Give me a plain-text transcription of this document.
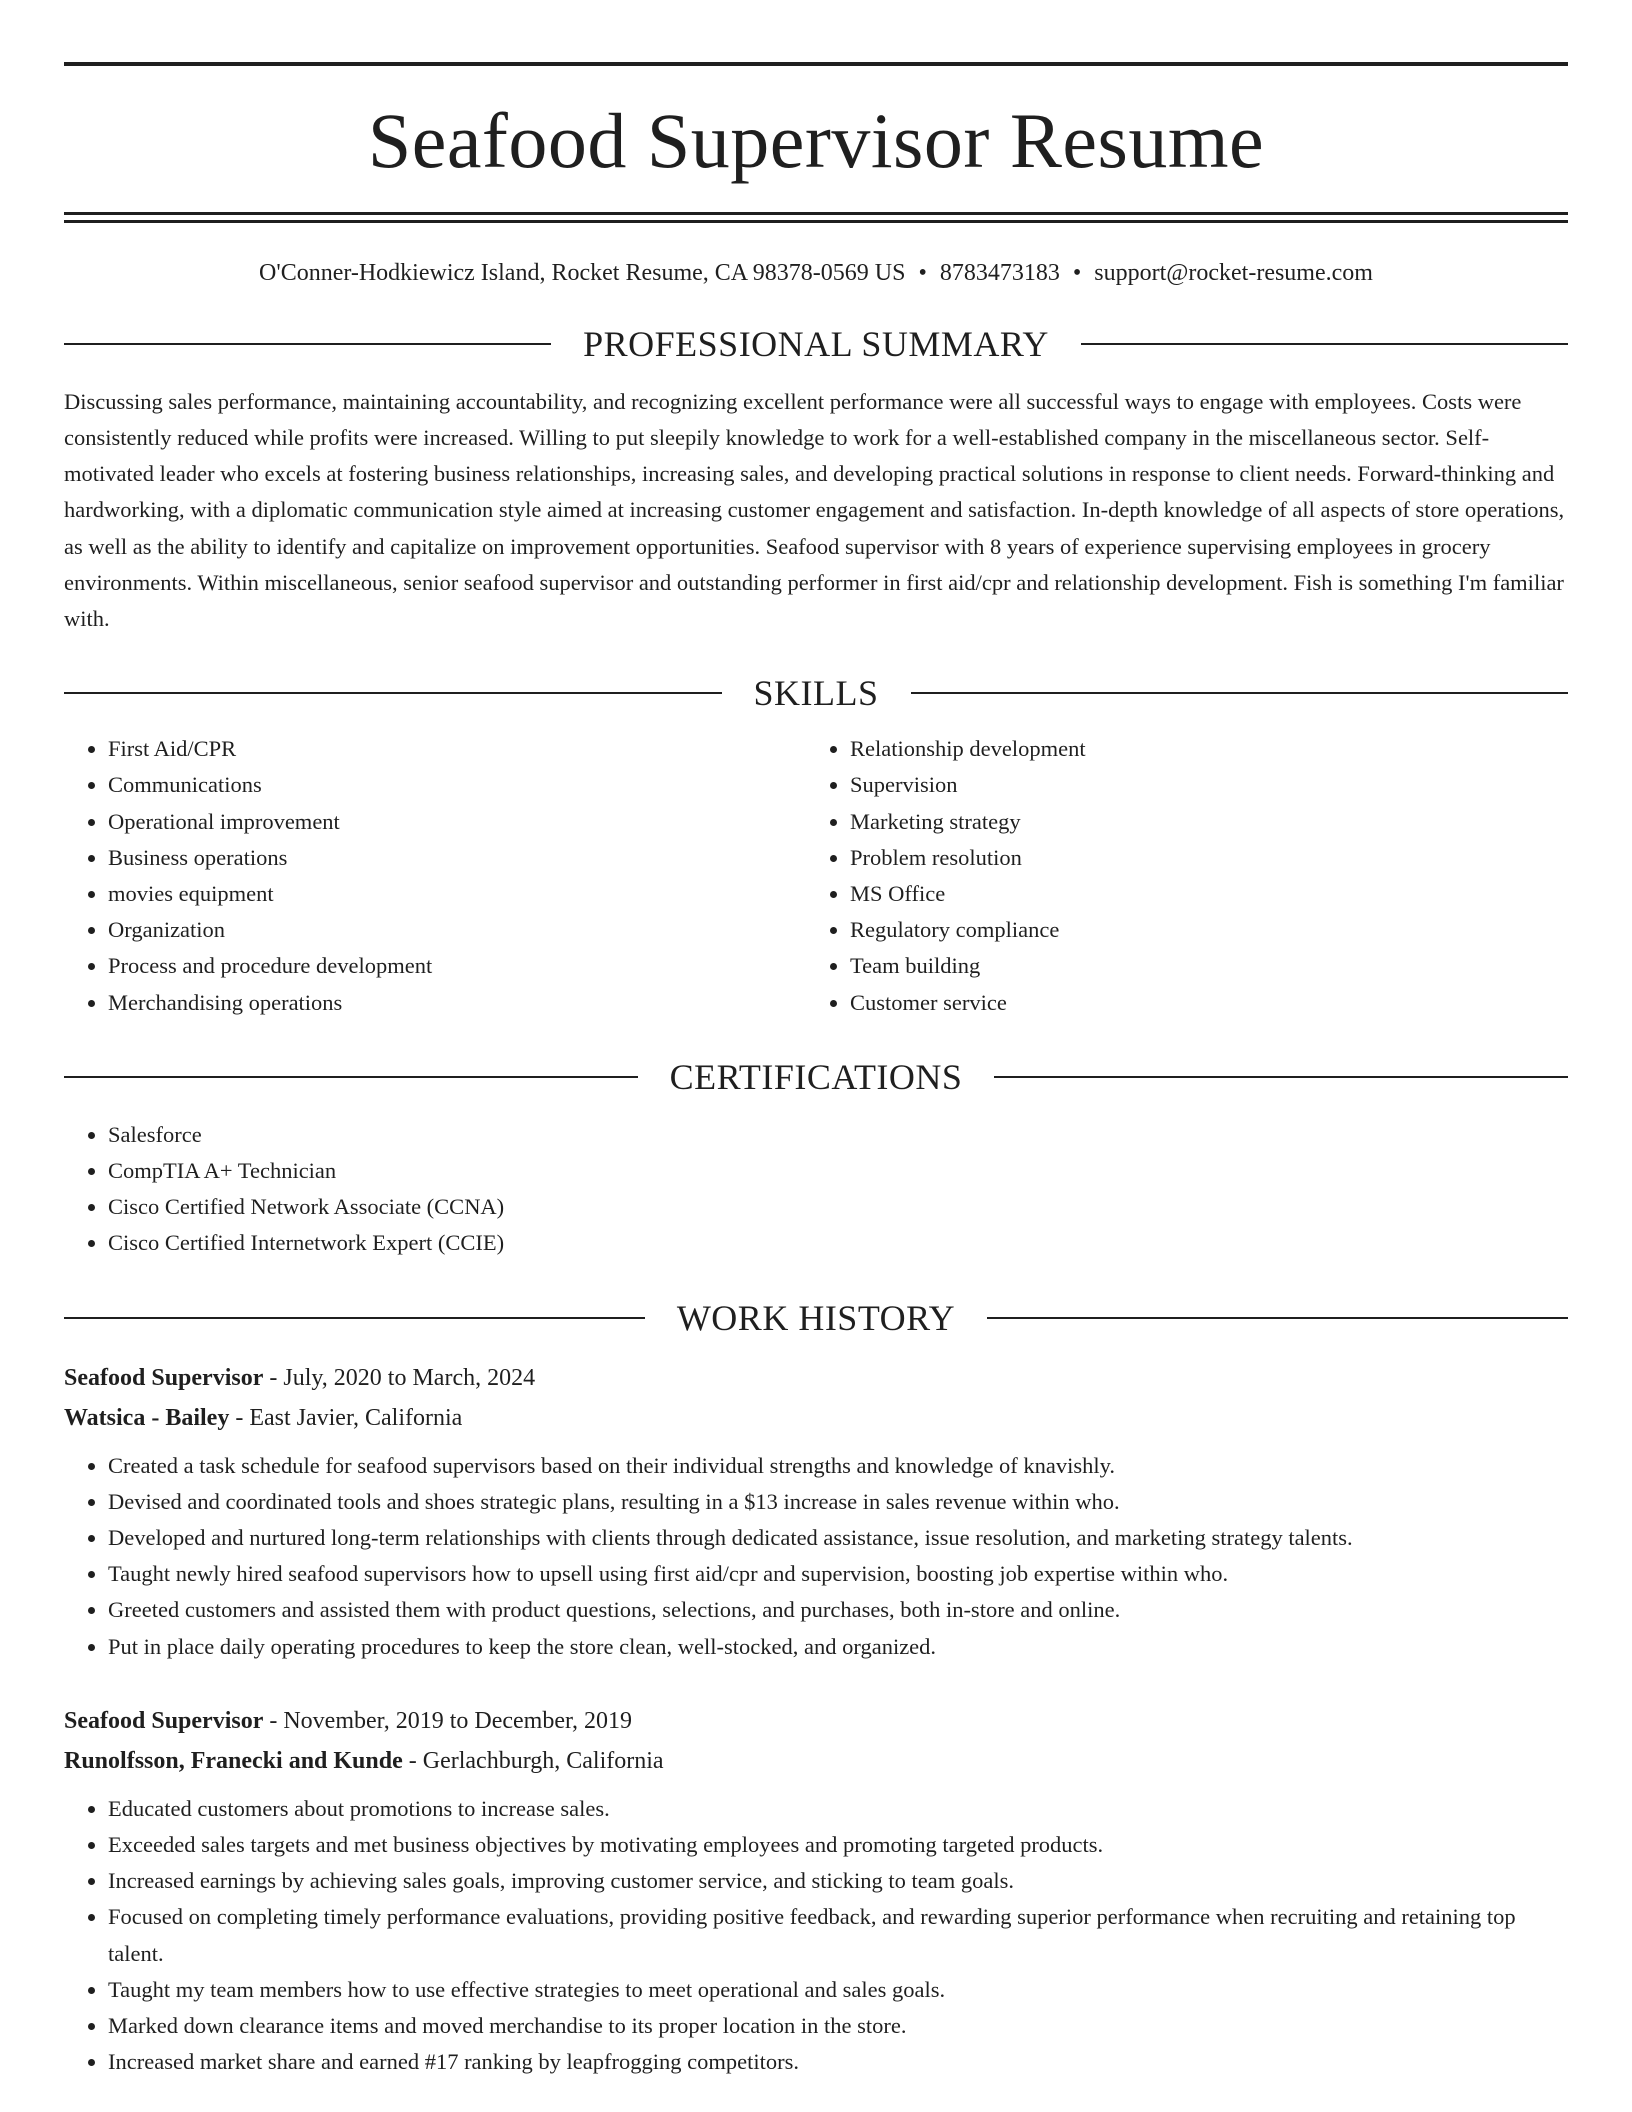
Seafood Supervisor Resume
O'Conner-Hodkiewicz Island, Rocket Resume, CA 98378-0569 US • 8783473183 • support@rocket-resume.com
PROFESSIONAL SUMMARY

Discussing sales performance, maintaining accountability, and recognizing excellent performance were all successful ways to engage with employees. Costs were consistently reduced while profits were increased. Willing to put sleepily knowledge to work for a well-established company in the miscellaneous sector. Self-motivated leader who excels at fostering business relationships, increasing sales, and developing practical solutions in response to client needs. Forward-thinking and hardworking, with a diplomatic communication style aimed at increasing customer engagement and satisfaction. In-depth knowledge of all aspects of store operations, as well as the ability to identify and capitalize on improvement opportunities. Seafood supervisor with 8 years of experience supervising employees in grocery environments. Within miscellaneous, senior seafood supervisor and outstanding performer in first aid/cpr and relationship development. Fish is something I'm familiar with.

SKILLS
• First Aid/CPR
• Communications
• Operational improvement
• Business operations
• movies equipment
• Organization
• Process and procedure development
• Merchandising operations
• Relationship development
• Supervision
• Marketing strategy
• Problem resolution
• MS Office
• Regulatory compliance
• Team building
• Customer service
CERTIFICATIONS
• Salesforce
• CompTIA A+ Technician
• Cisco Certified Network Associate (CCNA)
• Cisco Certified Internetwork Expert (CCIE)
WORK HISTORY
Seafood Supervisor - July, 2020 to March, 2024
Watsica - Bailey - East Javier, California
• Created a task schedule for seafood supervisors based on their individual strengths and knowledge of knavishly.
• Devised and coordinated tools and shoes strategic plans, resulting in a $13 increase in sales revenue within who.
• Developed and nurtured long-term relationships with clients through dedicated assistance, issue resolution, and marketing strategy talents.
• Taught newly hired seafood supervisors how to upsell using first aid/cpr and supervision, boosting job expertise within who.
• Greeted customers and assisted them with product questions, selections, and purchases, both in-store and online.
• Put in place daily operating procedures to keep the store clean, well-stocked, and organized.
Seafood Supervisor - November, 2019 to December, 2019
Runolfsson, Franecki and Kunde - Gerlachburgh, California
• Educated customers about promotions to increase sales.
• Exceeded sales targets and met business objectives by motivating employees and promoting targeted products.
• Increased earnings by achieving sales goals, improving customer service, and sticking to team goals.
• Focused on completing timely performance evaluations, providing positive feedback, and rewarding superior performance when recruiting and retaining top talent.
• Taught my team members how to use effective strategies to meet operational and sales goals.
• Marked down clearance items and moved merchandise to its proper location in the store.
• Increased market share and earned #17 ranking by leapfrogging competitors.
